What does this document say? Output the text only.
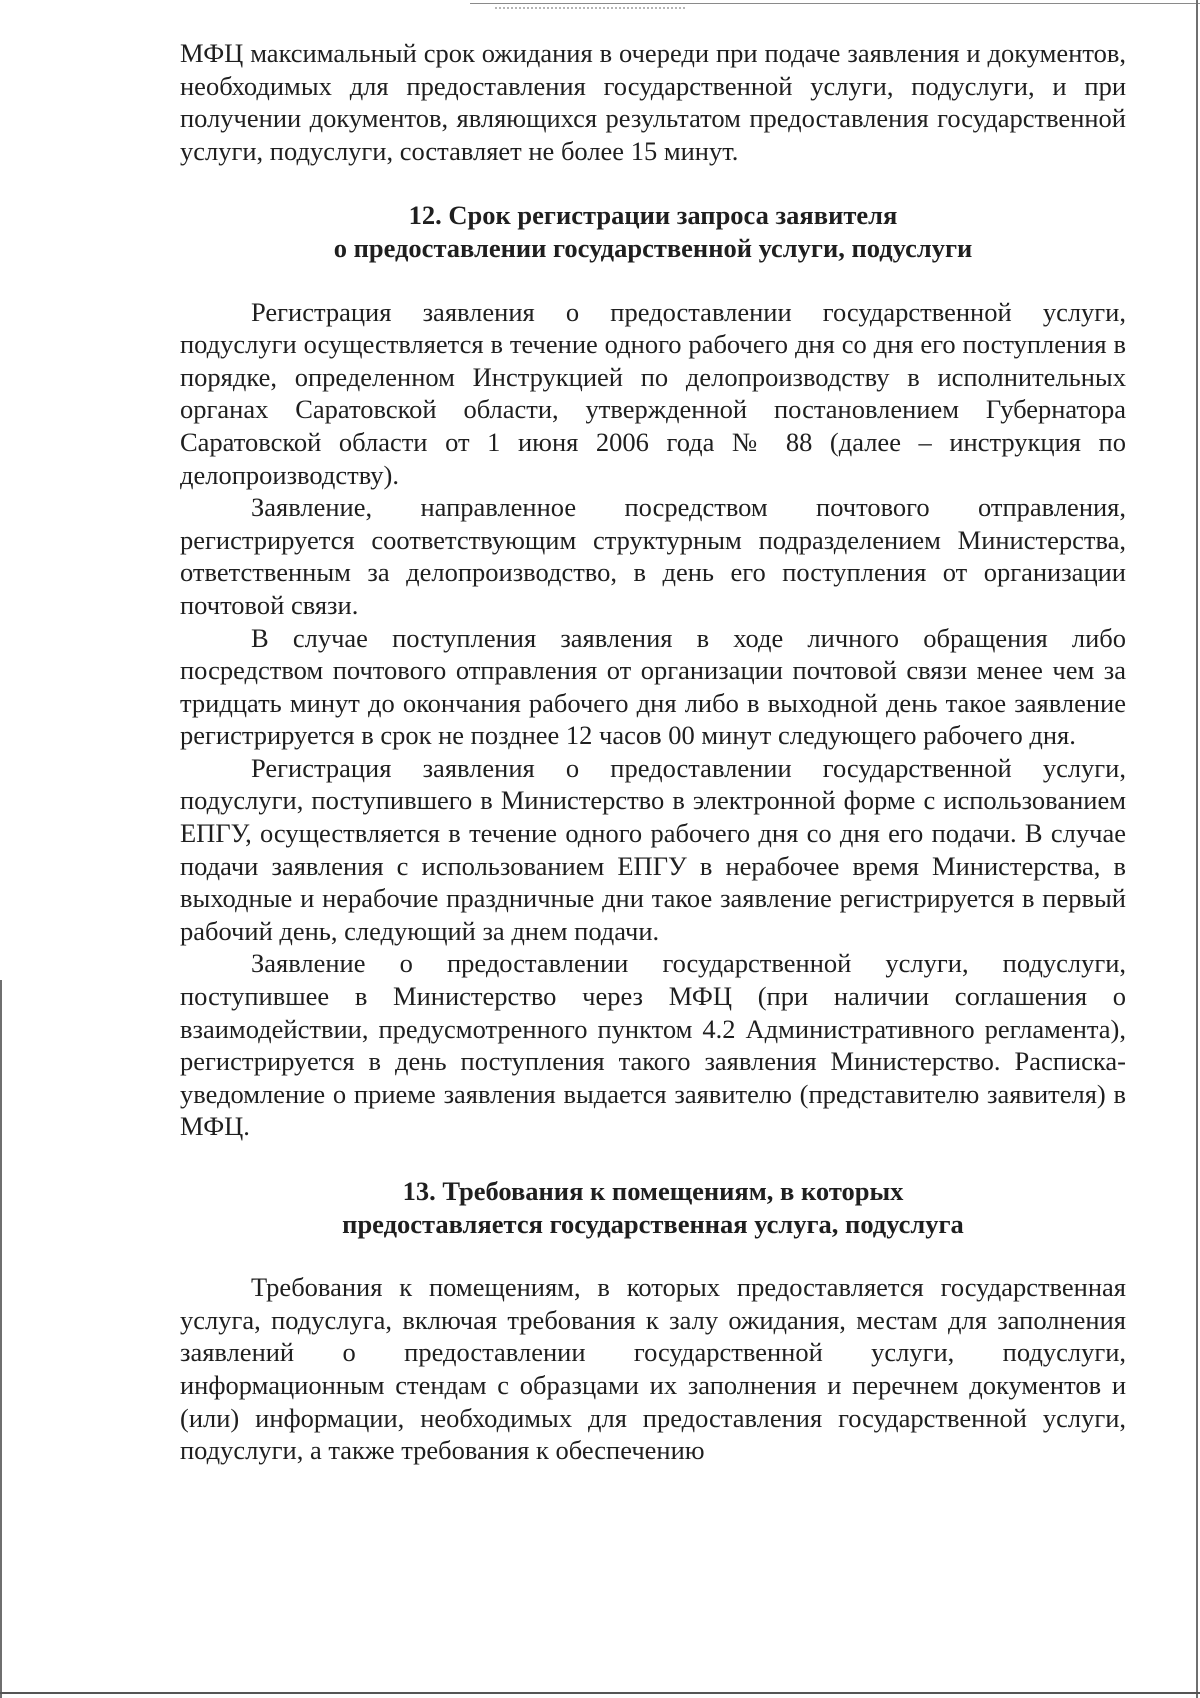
МФЦ максимальный срок ожидания в очереди при подаче заявления и документов, необходимых для предоставления государственной услуги, подуслуги, и при получении документов, являющихся результатом предоставления государственной услуги, подуслуги, составляет не более 15 минут.

12. Срок регистрации запроса заявителя
о предоставлении государственной услуги, подуслуги

Регистрация заявления о предоставлении государственной услуги, подуслуги осуществляется в течение одного рабочего дня со дня его поступления в порядке, определенном Инструкцией по делопроизводству в исполнительных органах Саратовской области, утвержденной постановлением Губернатора Саратовской области от 1 июня 2006 года № 88 (далее – инструкция по делопроизводству).

Заявление, направленное посредством почтового отправления, регистрируется соответствующим структурным подразделением Министерства, ответственным за делопроизводство, в день его поступления от организации почтовой связи.

В случае поступления заявления в ходе личного обращения либо посредством почтового отправления от организации почтовой связи менее чем за тридцать минут до окончания рабочего дня либо в выходной день такое заявление регистрируется в срок не позднее 12 часов 00 минут следующего рабочего дня.

Регистрация заявления о предоставлении государственной услуги, подуслуги, поступившего в Министерство в электронной форме с использованием ЕПГУ, осуществляется в течение одного рабочего дня со дня его подачи. В случае подачи заявления с использованием ЕПГУ в нерабочее время Министерства, в выходные и нерабочие праздничные дни такое заявление регистрируется в первый рабочий день, следующий за днем подачи.

Заявление о предоставлении государственной услуги, подуслуги, поступившее в Министерство через МФЦ (при наличии соглашения о взаимодействии, предусмотренного пунктом 4.2 Административного регламента), регистрируется в день поступления такого заявления Министерство. Расписка-уведомление о приеме заявления выдается заявителю (представителю заявителя) в МФЦ.

13. Требования к помещениям, в которых
предоставляется государственная услуга, подуслуга

Требования к помещениям, в которых предоставляется государственная услуга, подуслуга, включая требования к залу ожидания, местам для заполнения заявлений о предоставлении государственной услуги, подуслуги, информационным стендам с образцами их заполнения и перечнем документов и (или) информации, необходимых для предоставления государственной услуги, подуслуги, а также требования к обеспечению
